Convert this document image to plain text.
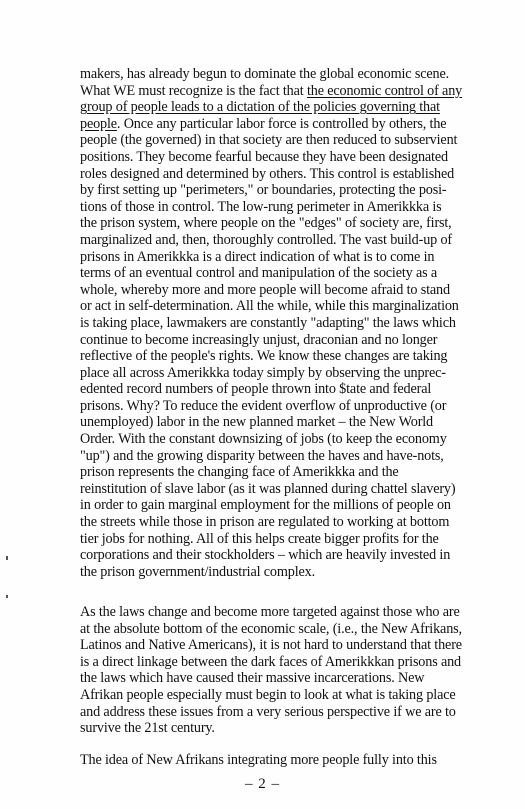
makers, has already begun to dominate the global economic scene.
What WE must recognize is the fact that the economic control of any
group of people leads to a dictation of the policies governing that
people. Once any particular labor force is controlled by others, the
people (the governed) in that society are then reduced to subservient
positions. They become fearful because they have been designated
roles designed and determined by others. This control is established
by first setting up "perimeters," or boundaries, protecting the posi-
tions of those in control. The low-rung perimeter in Amerikkka is
the prison system, where people on the "edges" of society are, first,
marginalized and, then, thoroughly controlled. The vast build-up of
prisons in Amerikkka is a direct indication of what is to come in
terms of an eventual control and manipulation of the society as a
whole, whereby more and more people will become afraid to stand
or act in self-determination. All the while, while this marginalization
is taking place, lawmakers are constantly "adapting" the laws which
continue to become increasingly unjust, draconian and no longer
reflective of the people's rights. We know these changes are taking
place all across Amerikkka today simply by observing the unprec-
edented record numbers of people thrown into $tate and federal
prisons. Why? To reduce the evident overflow of unproductive (or
unemployed) labor in the new planned market – the New World
Order. With the constant downsizing of jobs (to keep the economy
"up") and the growing disparity between the haves and have-nots,
prison represents the changing face of Amerikkka and the
reinstitution of slave labor (as it was planned during chattel slavery)
in order to gain marginal employment for the millions of people on
the streets while those in prison are regulated to working at bottom
tier jobs for nothing. All of this helps create bigger profits for the
corporations and their stockholders – which are heavily invested in
the prison government/industrial complex.

As the laws change and become more targeted against those who are
at the absolute bottom of the economic scale, (i.e., the New Afrikans,
Latinos and Native Americans), it is not hard to understand that there
is a direct linkage between the dark faces of Amerikkkan prisons and
the laws which have caused their massive incarcerations. New
Afrikan people especially must begin to look at what is taking place
and address these issues from a very serious perspective if we are to
survive the 21st century.

The idea of New Afrikans integrating more people fully into this

– 2 –
